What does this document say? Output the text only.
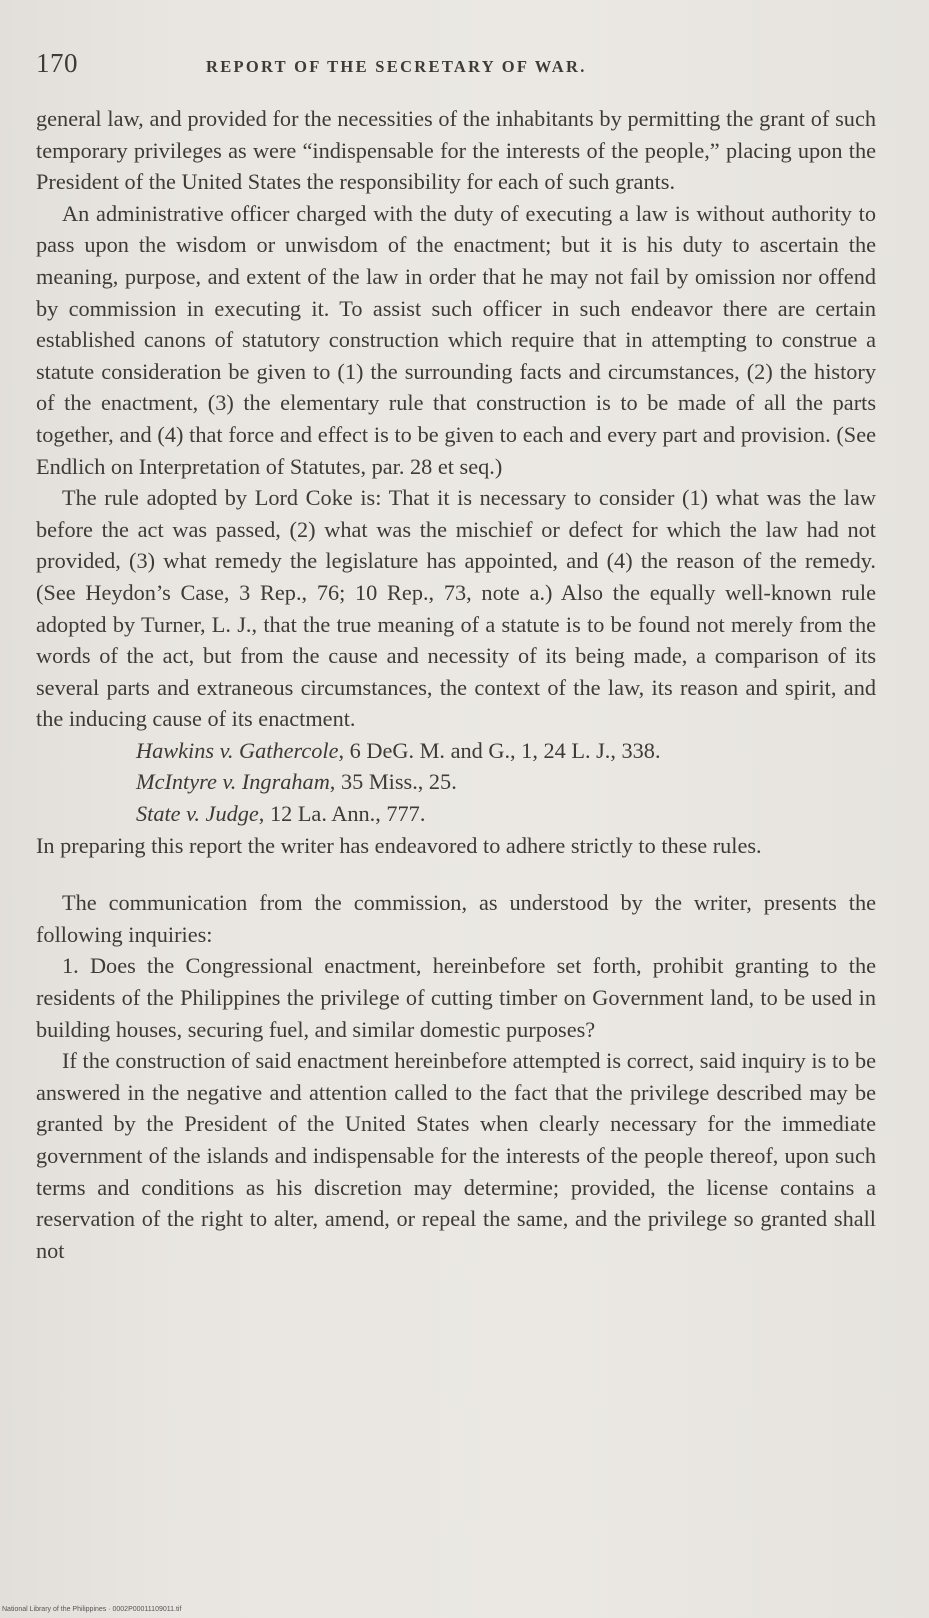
170	REPORT OF THE SECRETARY OF WAR.

general law, and provided for the necessities of the inhabitants by permitting the grant of such temporary privileges as were “indispensable for the interests of the people,” placing upon the President of the United States the responsibility for each of such grants.

An administrative officer charged with the duty of executing a law is without authority to pass upon the wisdom or unwisdom of the enactment; but it is his duty to ascertain the meaning, purpose, and extent of the law in order that he may not fail by omission nor offend by commission in executing it. To assist such officer in such endeavor there are certain established canons of statutory construction which require that in attempting to construe a statute consideration be given to (1) the surrounding facts and circumstances, (2) the history of the enactment, (3) the elementary rule that construction is to be made of all the parts together, and (4) that force and effect is to be given to each and every part and provision. (See Endlich on Interpretation of Statutes, par. 28 et seq.)

The rule adopted by Lord Coke is: That it is necessary to consider (1) what was the law before the act was passed, (2) what was the mischief or defect for which the law had not provided, (3) what remedy the legislature has appointed, and (4) the reason of the remedy. (See Heydon’s Case, 3 Rep., 76; 10 Rep., 73, note a.) Also the equally well-known rule adopted by Turner, L. J., that the true meaning of a statute is to be found not merely from the words of the act, but from the cause and necessity of its being made, a comparison of its several parts and extraneous circumstances, the context of the law, its reason and spirit, and the inducing cause of its enactment.

Hawkins v. Gatherc​ole, 6 DeG. M. and G., 1, 24 L. J., 338.
McIntyre v. Ingraham, 35 Miss., 25.
State v. Judge, 12 La. Ann., 777.

In preparing this report the writer has endeavored to adhere strictly to these rules.

The communication from the commission, as understood by the writer, presents the following inquiries:

1. Does the Congressional enactment, hereinbefore set forth, prohibit granting to the residents of the Philippines the privilege of cutting timber on Government land, to be used in building houses, securing fuel, and similar domestic purposes?

If the construction of said enactment hereinbefore attempted is correct, said inquiry is to be answered in the negative and attention called to the fact that the privilege described may be granted by the President of the United States when clearly necessary for the immediate government of the islands and indispensable for the interests of the people thereof, upon such terms and conditions as his discretion may determine; provided, the license contains a reservation of the right to alter, amend, or repeal the same, and the privilege so granted shall not

National Library of the Philippines · 0002P00011109011.tif
